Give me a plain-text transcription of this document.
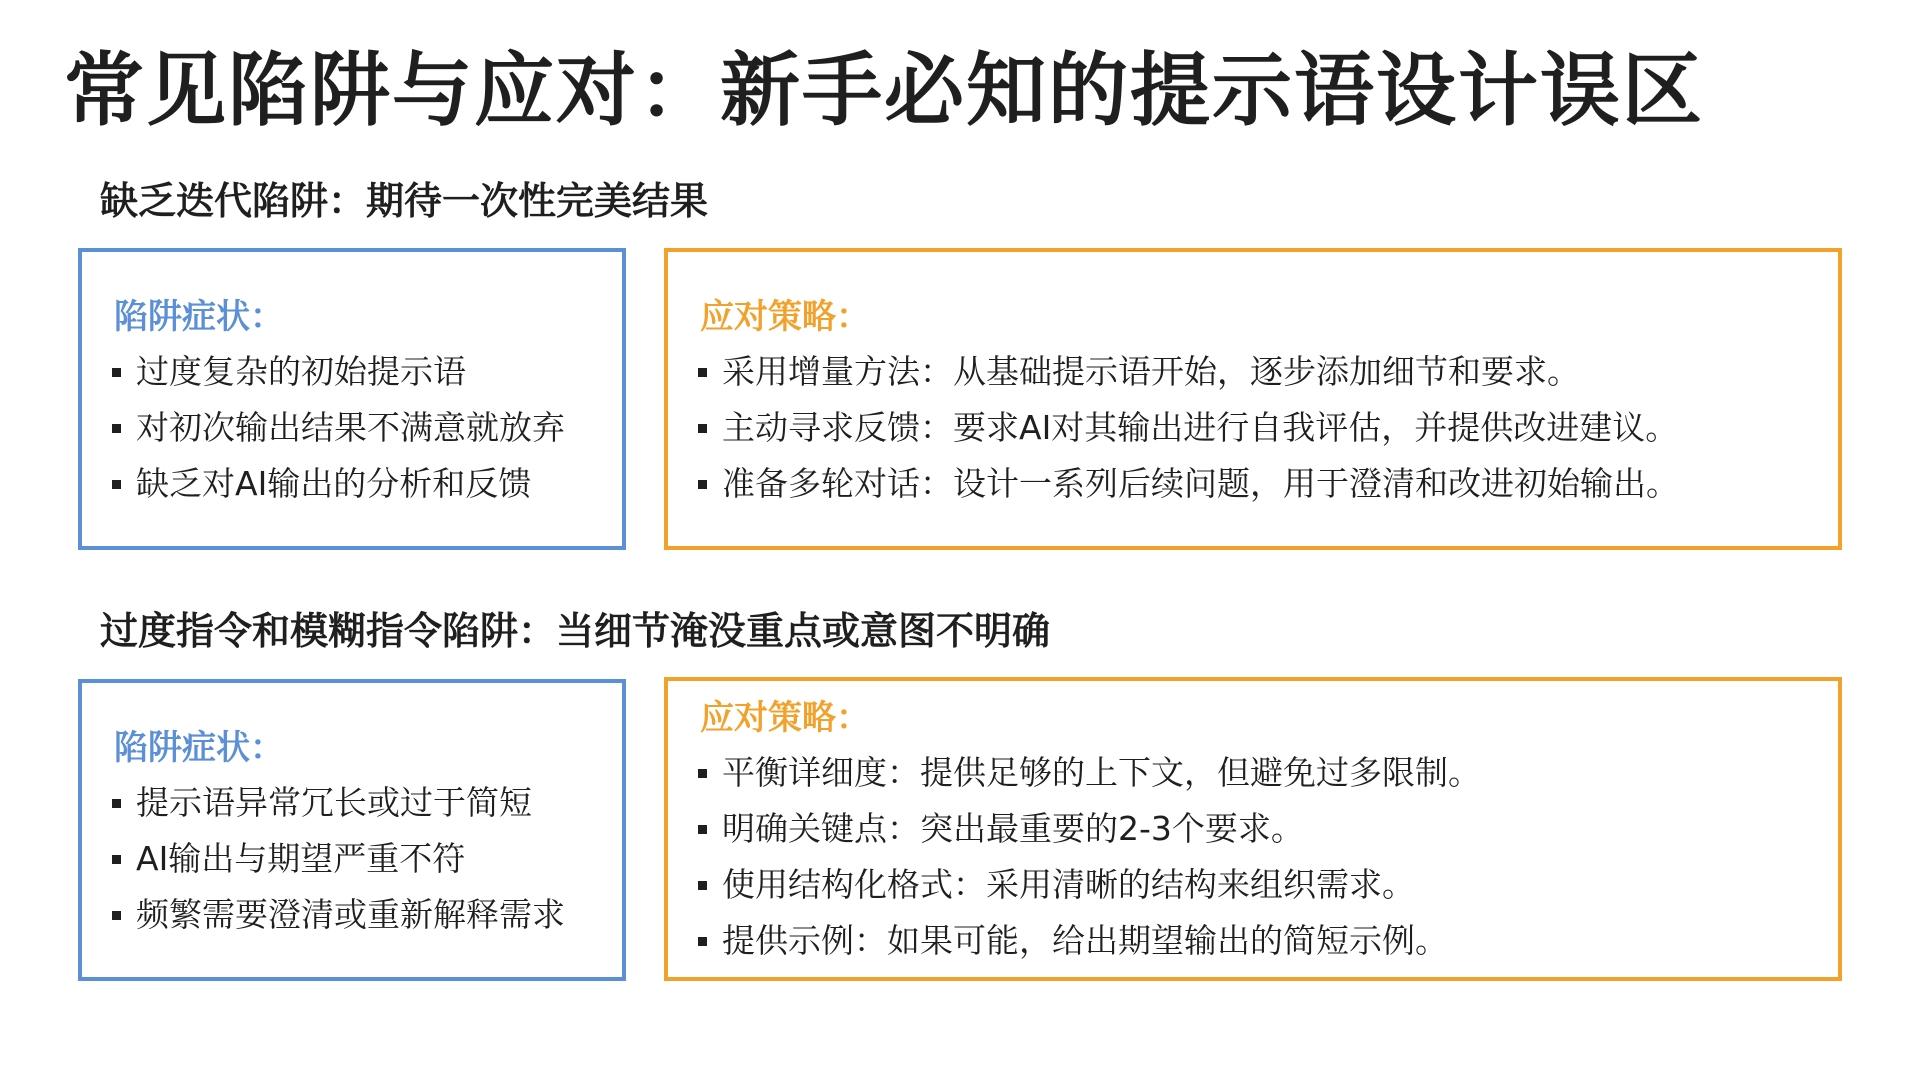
常见陷阱与应对：新手必知的提示语设计误区
缺乏迭代陷阱：期待一次性完美结果
陷阱症状：
过度复杂的初始提示语
对初次输出结果不满意就放弃
缺乏对AI输出的分析和反馈
应对策略：
采用增量方法：从基础提示语开始，逐步添加细节和要求。
主动寻求反馈：要求AI对其输出进行自我评估，并提供改进建议。
准备多轮对话：设计一系列后续问题，用于澄清和改进初始输出。
过度指令和模糊指令陷阱：当细节淹没重点或意图不明确
陷阱症状：
提示语异常冗长或过于简短
AI输出与期望严重不符
频繁需要澄清或重新解释需求
应对策略：
平衡详细度：提供足够的上下文，但避免过多限制。
明确关键点：突出最重要的2-3个要求。
使用结构化格式：采用清晰的结构来组织需求。
提供示例：如果可能，给出期望输出的简短示例。
